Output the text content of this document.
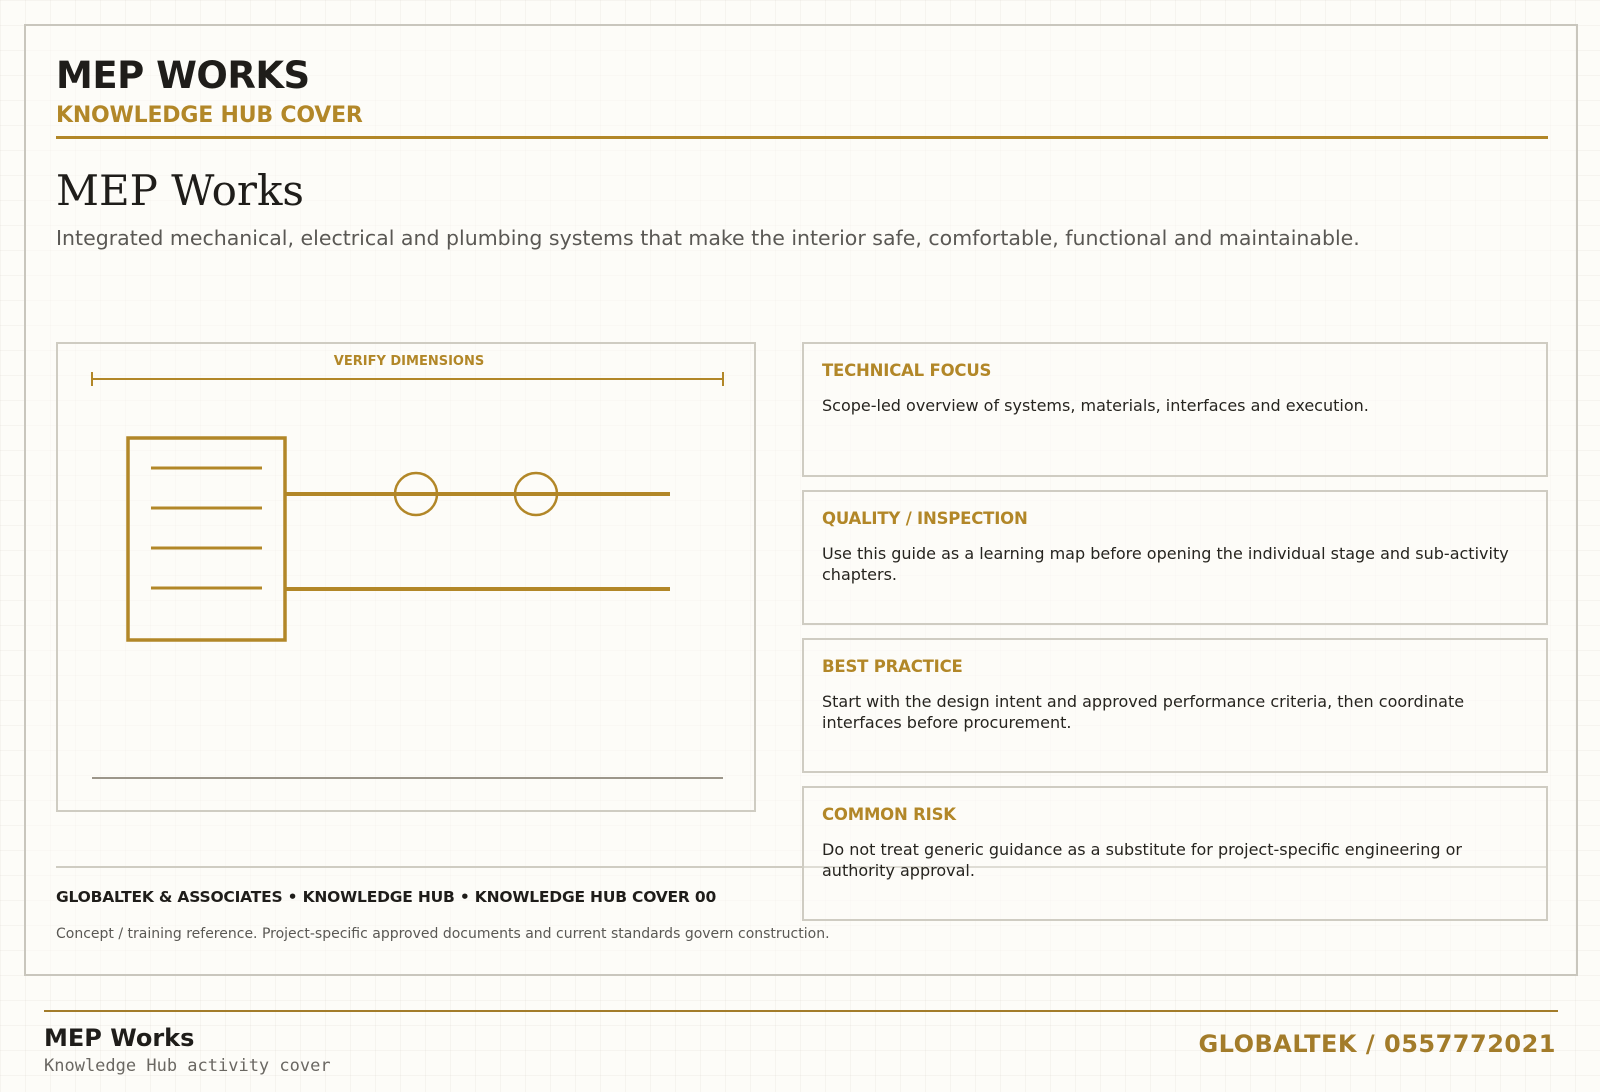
MEP WORKS
KNOWLEDGE HUB COVER
MEP Works

Integrated mechanical, electrical and plumbing systems that make the interior safe, comfortable, functional and maintainable.

VERIFY DIMENSIONS	TECHNICAL FOCUS

Scope-led overview of systems, materials, interfaces and execution.

QUALITY / INSPECTION

Use this guide as a learning map before opening the individual stage and sub-activity chapters.

BEST PRACTICE

Start with the design intent and approved performance criteria, then coordinate interfaces before procurement.

COMMON RISK

Do not treat generic guidance as a substitute for project-specific engineering or authority approval.

GLOBALTEK & ASSOCIATES • KNOWLEDGE HUB • KNOWLEDGE HUB COVER 00

Concept / training reference. Project-specific approved documents and current standards govern construction.

MEP Works

Knowledge Hub activity cover

GLOBALTEK / 0557772021
